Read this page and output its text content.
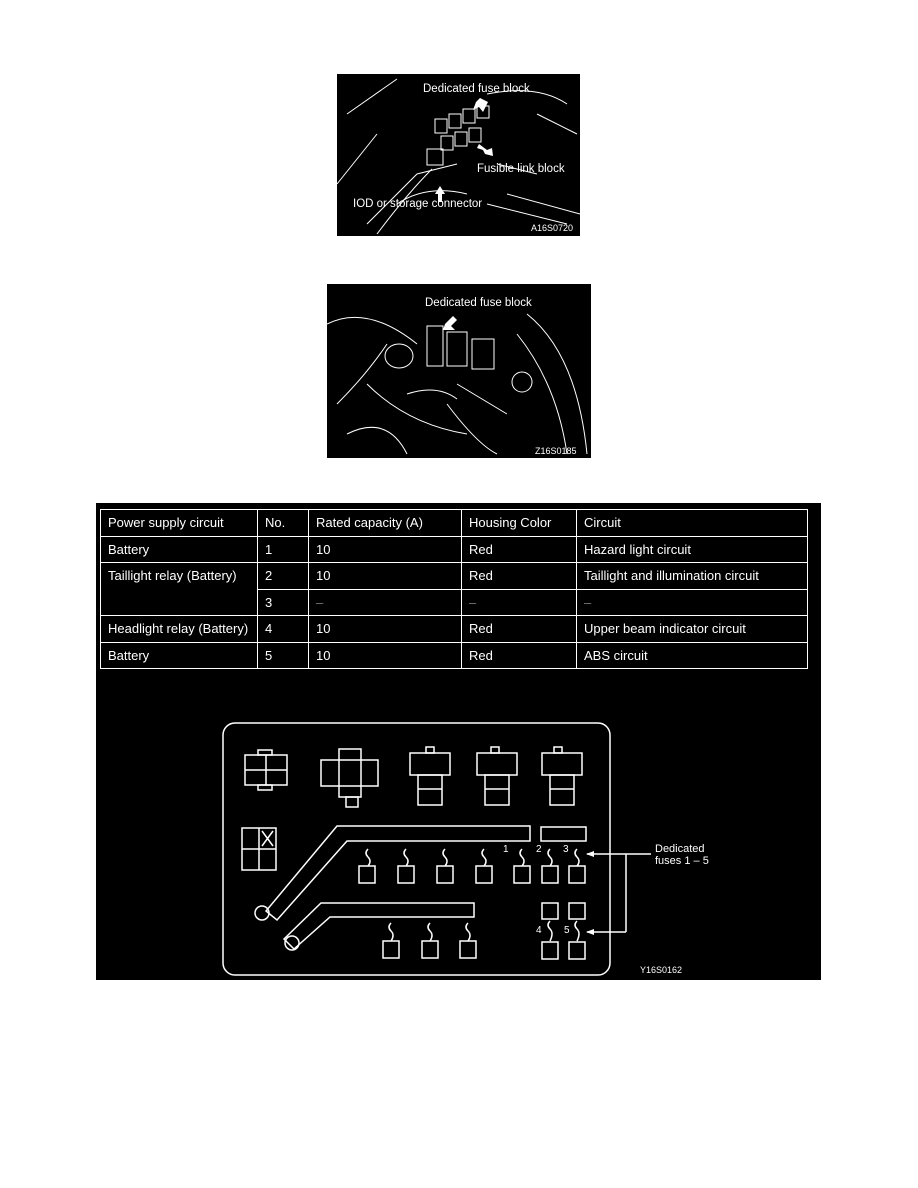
Dedicated fuse block
Fusible link block
IOD or storage connector
A16S0720
Dedicated fuse block
Z16S0185
Power supply circuit	No.	Rated capacity (A)	Housing Color	Circuit
Battery	1	10	Red	Hazard light circuit
Taillight relay (Battery)	2	10	Red	Taillight and illumination circuit
	3	–	–	–
Headlight relay (Battery)	4	10	Red	Upper beam indicator circuit
Battery	5	10	Red	ABS circuit
1	2 3
4 5
Dedicated
fuses 1 – 5
Y16S0162
